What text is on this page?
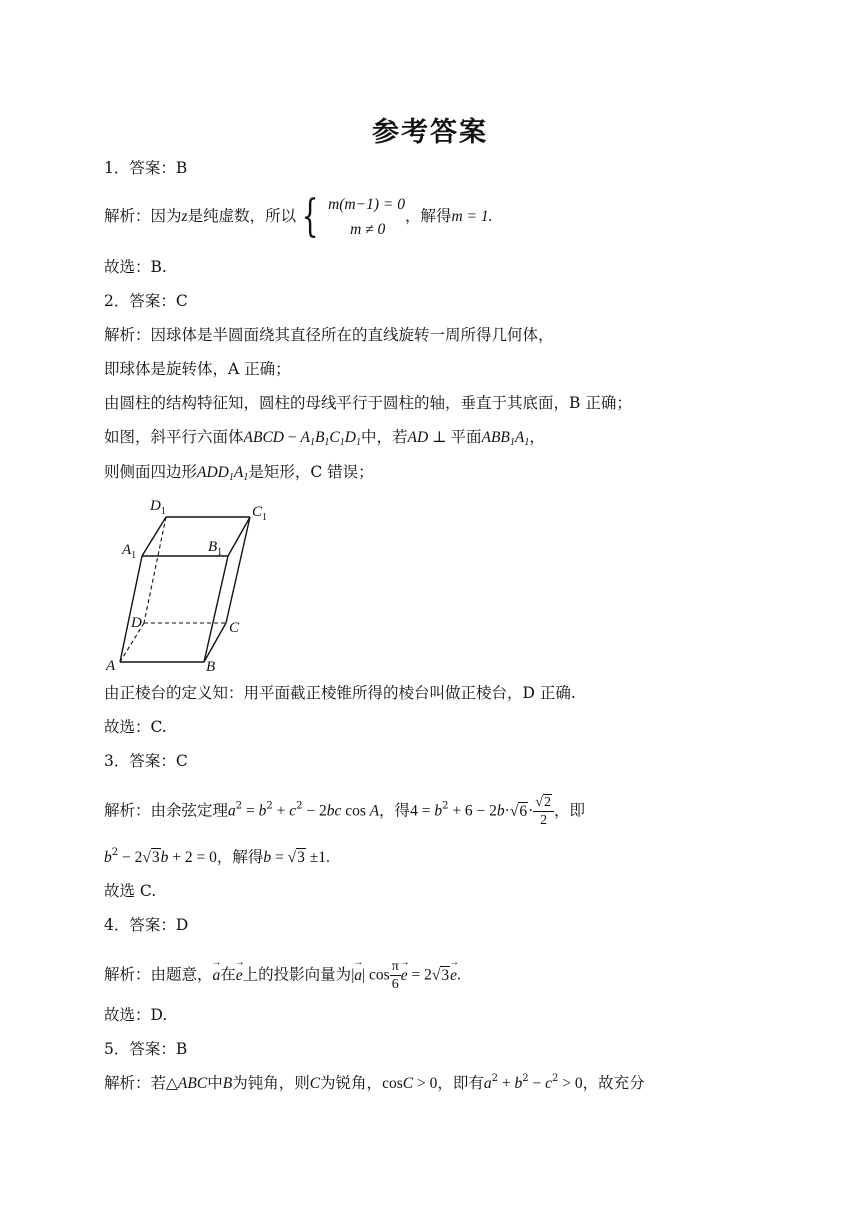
参考答案
1．答案：B
解析：因为z是纯虚数，所以 { m(m−1) = 0
m ≠ 0
，解得m = 1.
故选：B.
2．答案：C
解析：因球体是半圆面绕其直径所在的直线旋转一周所得几何体，
即球体是旋转体，A 正确；
由圆柱的结构特征知，圆柱的母线平行于圆柱的轴，垂直于其底面，B 正确；
如图，斜平行六面体ABCD − $A_1B_1C_1D_1$中，若AD ⊥ 平面$ABB_1A_1$，
则侧面四边形$ADD_1A_1$是矩形，C 错误；
$D_1$	$C_1$
$A_1$
$B_1$
D	C
A	B
由正棱台的定义知：用平面截正棱锥所得的棱台叫做正棱台，D 正确.
故选：C.
3．答案：C
解析：由余弦定理$a^2 = b^2 + c^2 - 2bc$ cos A，得$4 = b^2 + 6 - 2b\cdot√6\cdot \frac{√2}{2}$ ，即
$b^2 - 2√3b + 2 = 0$，解得b = √3 ±1.
故选 C.
4．答案：D
解析：由题意，→ a在→ e上的投影向量为|→ a| $\cos \frac{\pi}{6}$
→ e = 2√3→ e.
故选：D.
5．答案：B
解析：若△ABC中B为钝角，则C为锐角，cosC > 0，即有$a^2 + b^2 - c^2 > 0$，故充分
